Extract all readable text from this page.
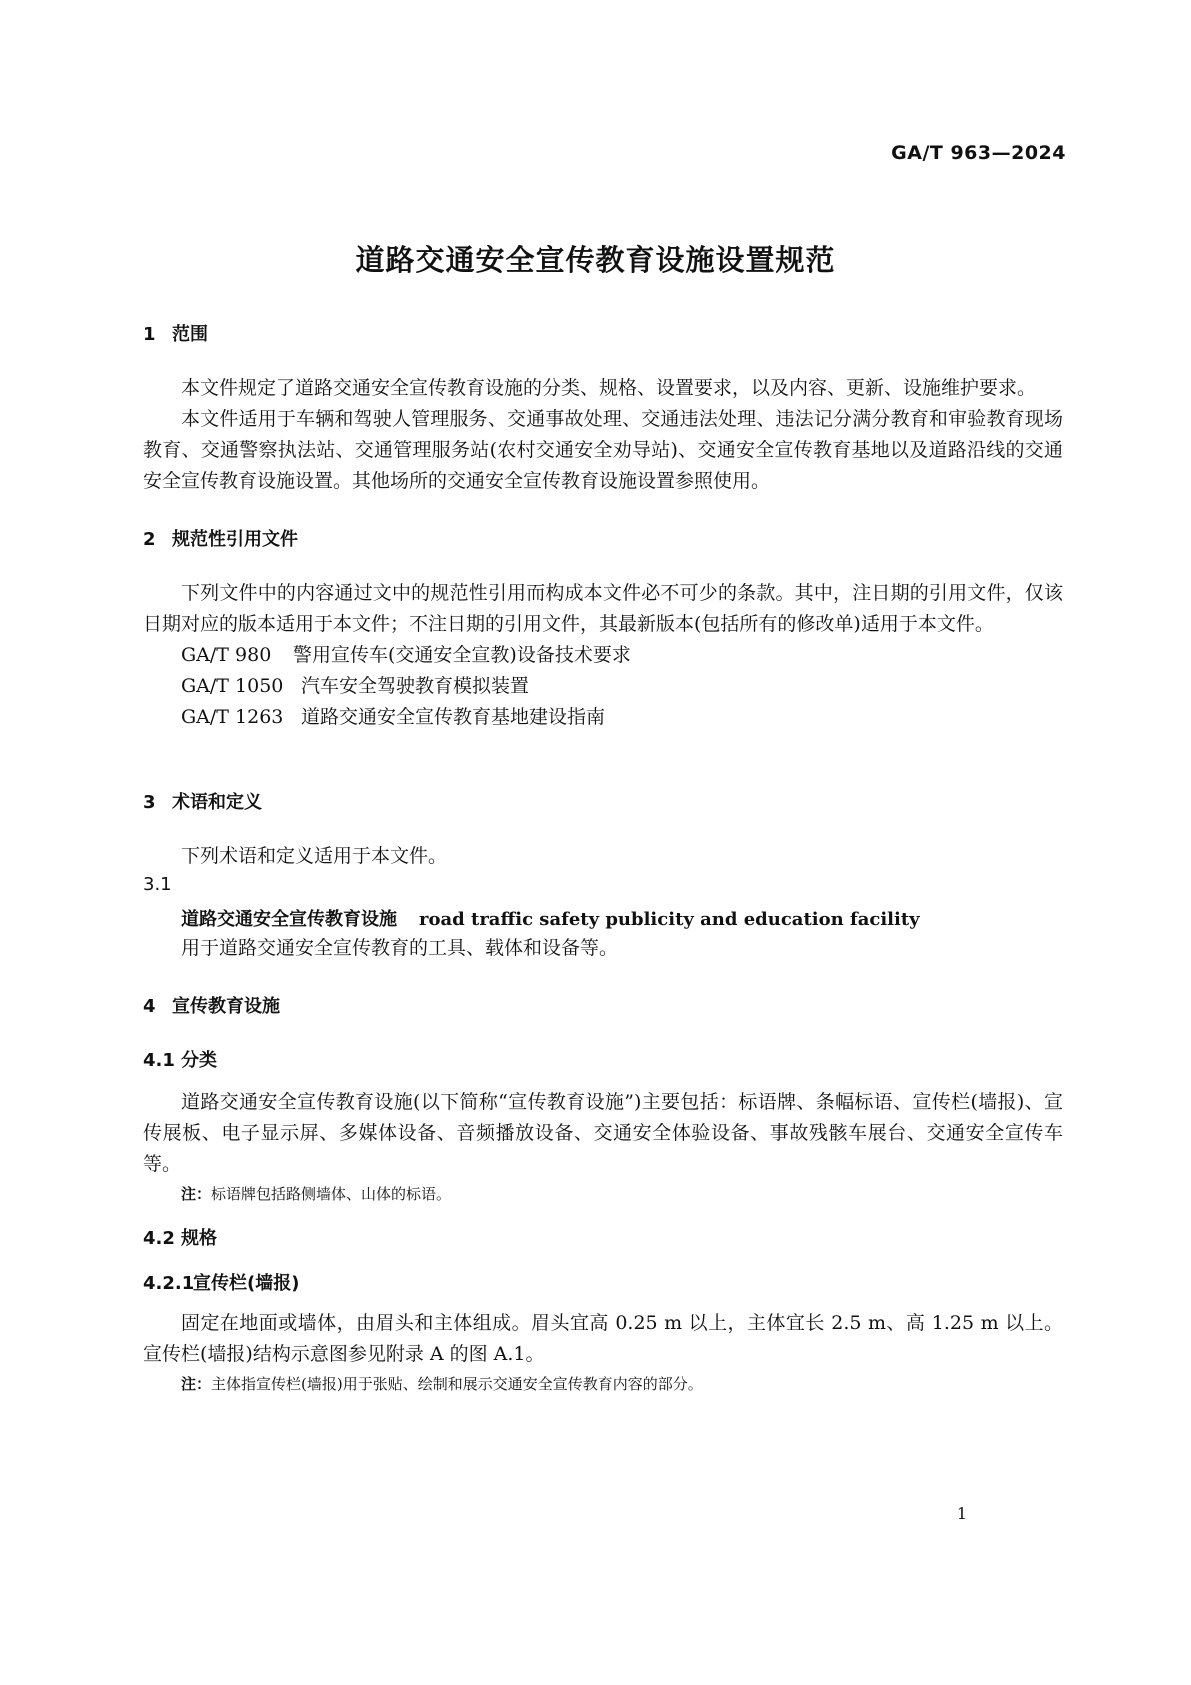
GA/T 963—2024
道路交通安全宣传教育设施设置规范
1 范围

本文件规定了道路交通安全宣传教育设施的分类、规格、设置要求，以及内容、更新、设施维护要求。

本文件适用于车辆和驾驶人管理服务、交通事故处理、交通违法处理、违法记分满分教育和审验教育现场教育、交通警察执法站、交通管理服务站(农村交通安全劝导站)、交通安全宣传教育基地以及道路沿线的交通安全宣传教育设施设置。其他场所的交通安全宣传教育设施设置参照使用。

2 规范性引用文件

下列文件中的内容通过文中的规范性引用而构成本文件必不可少的条款。其中，注日期的引用文件，仅该日期对应的版本适用于本文件；不注日期的引用文件，其最新版本(包括所有的修改单)适用于本文件。

GA/T 980 警用宣传车(交通安全宣教)设备技术要求
GA/T 1050 汽车安全驾驶教育模拟装置
GA/T 1263 道路交通安全宣传教育基地建设指南
3 术语和定义

下列术语和定义适用于本文件。

3.1
道路交通安全宣传教育设施 road traffic safety publicity and education facility
用于道路交通安全宣传教育的工具、载体和设备等。
4 宣传教育设施
4.1 分类

道路交通安全宣传教育设施(以下简称“宣传教育设施”)主要包括：标语牌、条幅标语、宣传栏(墙报)、宣传展板、电子显示屏、多媒体设备、音频播放设备、交通安全体验设备、事故残骸车展台、交通安全宣传车等。

注：标语牌包括路侧墙体、山体的标语。
4.2 规格
4.2.1宣传栏(墙报)

固定在地面或墙体，由眉头和主体组成。眉头宜高 0.25 m 以上，主体宜长 2.5 m、高 1.25 m 以上。宣传栏(墙报)结构示意图参见附录 A 的图 A.1。

注：主体指宣传栏(墙报)用于张贴、绘制和展示交通安全宣传教育内容的部分。
1
